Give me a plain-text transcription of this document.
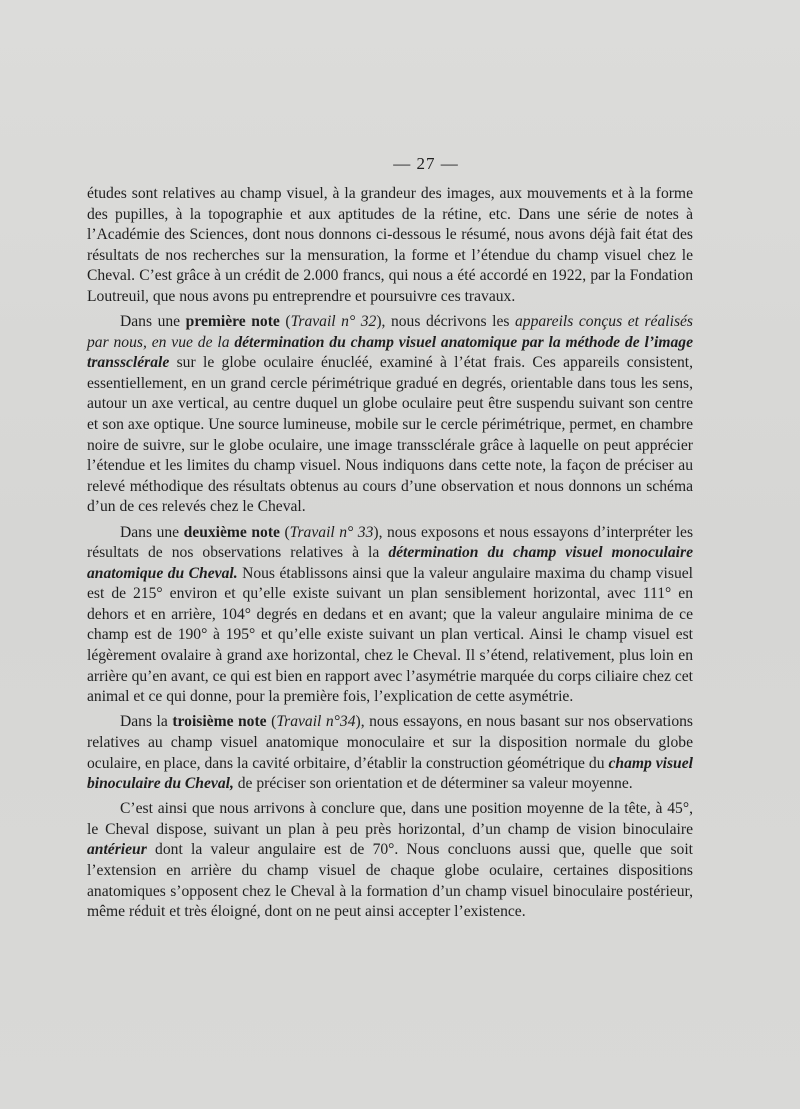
— 27 —

études sont relatives au champ visuel, à la grandeur des images, aux mouvements et à la forme des pupilles, à la topographie et aux aptitudes de la rétine, etc. Dans une série de notes à l’Académie des Sciences, dont nous donnons ci-dessous le résumé, nous avons déjà fait état des résultats de nos recherches sur la mensuration, la forme et l’étendue du champ visuel chez le Cheval. C’est grâce à un crédit de 2.000 francs, qui nous a été accordé en 1922, par la Fondation Loutreuil, que nous avons pu entreprendre et poursuivre ces travaux.

Dans une première note (Travail n° 32), nous décrivons les appareils conçus et réalisés par nous, en vue de la détermination du champ visuel anatomique par la méthode de l’image transsclérale sur le globe oculaire énucléé, examiné à l’état frais. Ces appareils consistent, essentiellement, en un grand cercle périmétrique gradué en degrés, orientable dans tous les sens, autour un axe vertical, au centre duquel un globe oculaire peut être suspendu suivant son centre et son axe optique. Une source lumineuse, mobile sur le cercle périmétrique, permet, en chambre noire de suivre, sur le globe oculaire, une image transsclérale grâce à laquelle on peut apprécier l’étendue et les limites du champ visuel. Nous indiquons dans cette note, la façon de préciser au relevé méthodique des résultats obtenus au cours d’une observation et nous donnons un schéma d’un de ces relevés chez le Cheval.

Dans une deuxième note (Travail n° 33), nous exposons et nous essayons d’interpréter les résultats de nos observations relatives à la détermination du champ visuel monoculaire anatomique du Cheval. Nous établissons ainsi que la valeur angulaire maxima du champ visuel est de 215° environ et qu’elle existe suivant un plan sensiblement horizontal, avec 111° en dehors et en arrière, 104° degrés en dedans et en avant; que la valeur angulaire minima de ce champ est de 190° à 195° et qu’elle existe suivant un plan vertical. Ainsi le champ visuel est légèrement ovalaire à grand axe horizontal, chez le Cheval. Il s’étend, relativement, plus loin en arrière qu’en avant, ce qui est bien en rapport avec l’asymétrie marquée du corps ciliaire chez cet animal et ce qui donne, pour la première fois, l’explication de cette asymétrie.

Dans la troisième note (Travail n°34), nous essayons, en nous basant sur nos observations relatives au champ visuel anatomique monoculaire et sur la disposition normale du globe oculaire, en place, dans la cavité orbitaire, d’établir la construction géométrique du champ visuel binoculaire du Cheval, de préciser son orientation et de déterminer sa valeur moyenne.

C’est ainsi que nous arrivons à conclure que, dans une position moyenne de la tête, à 45°, le Cheval dispose, suivant un plan à peu près horizontal, d’un champ de vision binoculaire antérieur dont la valeur angulaire est de 70°. Nous concluons aussi que, quelle que soit l’extension en arrière du champ visuel de chaque globe oculaire, certaines dispositions anatomiques s’opposent chez le Cheval à la formation d’un champ visuel binoculaire postérieur, même réduit et très éloigné, dont on ne peut ainsi accepter l’existence.
